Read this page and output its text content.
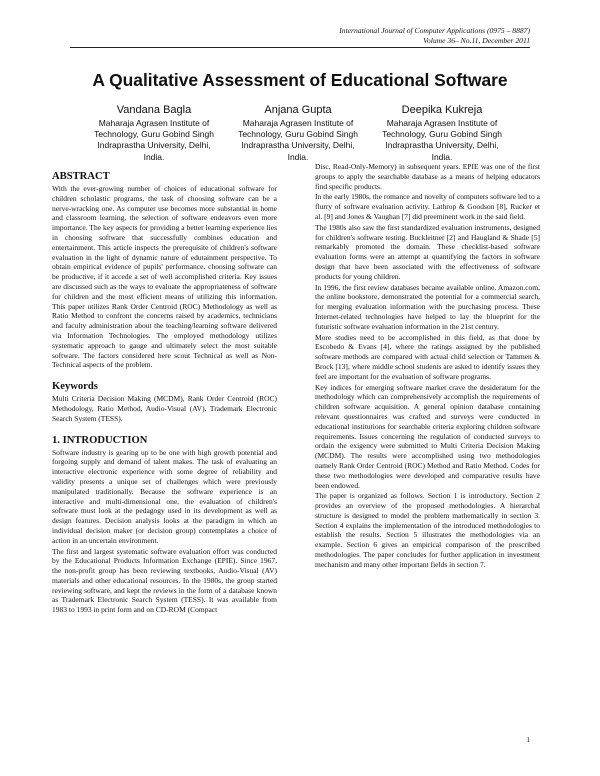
International Journal of Computer Applications (0975 – 8887)
Volume 36– No.11, December 2011
A Qualitative Assessment of Educational Software
Vandana Bagla
Maharaja Agrasen Institute of
Technology, Guru Gobind Singh
Indraprastha University, Delhi,
India.
Anjana Gupta
Maharaja Agrasen Institute of
Technology, Guru Gobind Singh
Indraprastha University, Delhi,
India.
Deepika Kukreja
Maharaja Agrasen Institute of
Technology, Guru Gobind Singh
Indraprastha University, Delhi,
India.
ABSTRACT

With the ever-growing number of choices of educational software for children scholastic programs, the task of choosing software can be a nerve-wracking one. As computer use becomes more substantial in home and classroom learning, the selection of software endeavors even more importance. The key aspects for providing a better learning experience lies in choosing software that successfully combines education and entertainment. This article inspects the prerequisite of children's software evaluation in the light of dynamic nature of edutainment perspective. To obtain empirical evidence of pupils' performance, choosing software can be productive, if it accede a set of well accomplished criteria. Key issues are discussed such as the ways to evaluate the appropriateness of software for children and the most efficient means of utilizing this information. This paper utilizes Rank Order Centroid (ROC) Methodology as well as Ratio Method to confront the concerns raised by academics, technicians and faculty administration about the teaching/learning software delivered via Information Technologies. The employed methodology utilizes systematic approach to gauge and ultimately select the most suitable software. The factors considered here scout Technical as well as Non-Technical aspects of the problem.

Keywords

Multi Criteria Decision Making (MCDM), Rank Order Centroid (ROC) Methodology, Ratio Method, Audio-Visual (AV), Trademark Electronic Search System (TESS).

1. INTRODUCTION

Software industry is gearing up to be one with high growth potential and forgoing supply and demand of talent makes. The task of evaluating an interactive electronic experience with some degree of reliability and validity presents a unique set of challenges which were previously manipulated traditionally. Because the software experience is an interactive and multi-dimensional one, the evaluation of children's software must look at the pedagogy used in its development as well as design features. Decision analysis looks at the paradigm in which an individual decision maker (or decision group) contemplates a choice of action in an uncertain environment.

The first and largest systematic software evaluation effort was conducted by the Educational Products Information Exchange (EPIE). Since 1967, the non-profit group has been reviewing textbooks, Audio-Visual (AV) materials and other educational resources. In the 1980s, the group started reviewing software, and kept the reviews in the form of a database known as Trademark Electronic Search System (TESS). It was available from 1983 to 1993 in print form and on CD-ROM (Compact

Disc, Read-Only-Memory) in subsequent years. EPIE was one of the first groups to apply the searchable database as a means of helping educators find specific products.

In the early 1980s, the romance and novelty of computers software led to a flurry of software evaluation activity. Lathrop & Goodson [8], Rucker et al. [9] and Jones & Vaughan [7] did preeminent work in the said field.

The 1980s also saw the first standardized evaluation instruments, designed for children's software testing. Buckleitner [2] and Haugland & Shade [5] remarkably promoted the domain. These checklist-based software evaluation forms were an attempt at quantifying the factors in software design that have been associated with the effectiveness of software products for young children.

In 1996, the first review databases became available online. Amazon.com, the online bookstore, demonstrated the potential for a commercial search, for merging evaluation information with the purchasing process. These Internet-related technologies have helped to lay the blueprint for the futuristic software evaluation information in the 21st century.

More studies need to be accomplished in this field, as that done by Escobedo & Evans [4], where the ratings assigned by the published software methods are compared with actual child selection or Tammen & Brock [13], where middle school students are asked to identify issues they feel are important for the evaluation of software programs.

Key indices for emerging software market crave the desideratum for the methodology which can comprehensively accomplish the requirements of children software acquisition. A general opinion database containing relevant questionnaires was crafted and surveys were conducted in educational institutions for searchable criteria exploring children software requirements. Issues concerning the regulation of conducted surveys to ordain the exigency were submitted to Multi Criteria Decision Making (MCDM). The results were accomplished using two methodologies namely Rank Order Centroid (ROC) Method and Ratio Method. Codes for these two methodologies were developed and comparative results have been endowed.

The paper is organized as follows. Section 1 is introductory. Section 2 provides an overview of the proposed methodologies. A hierarchal structure is designed to model the problem mathematically in section 3. Section 4 explains the implementation of the introduced methodologies to establish the results. Section 5 illustrates the methodologies via an example. Section 6 gives an empirical comparison of the prescribed methodologies. The paper concludes for further application in investment mechanism and many other important fields in section 7.

1
